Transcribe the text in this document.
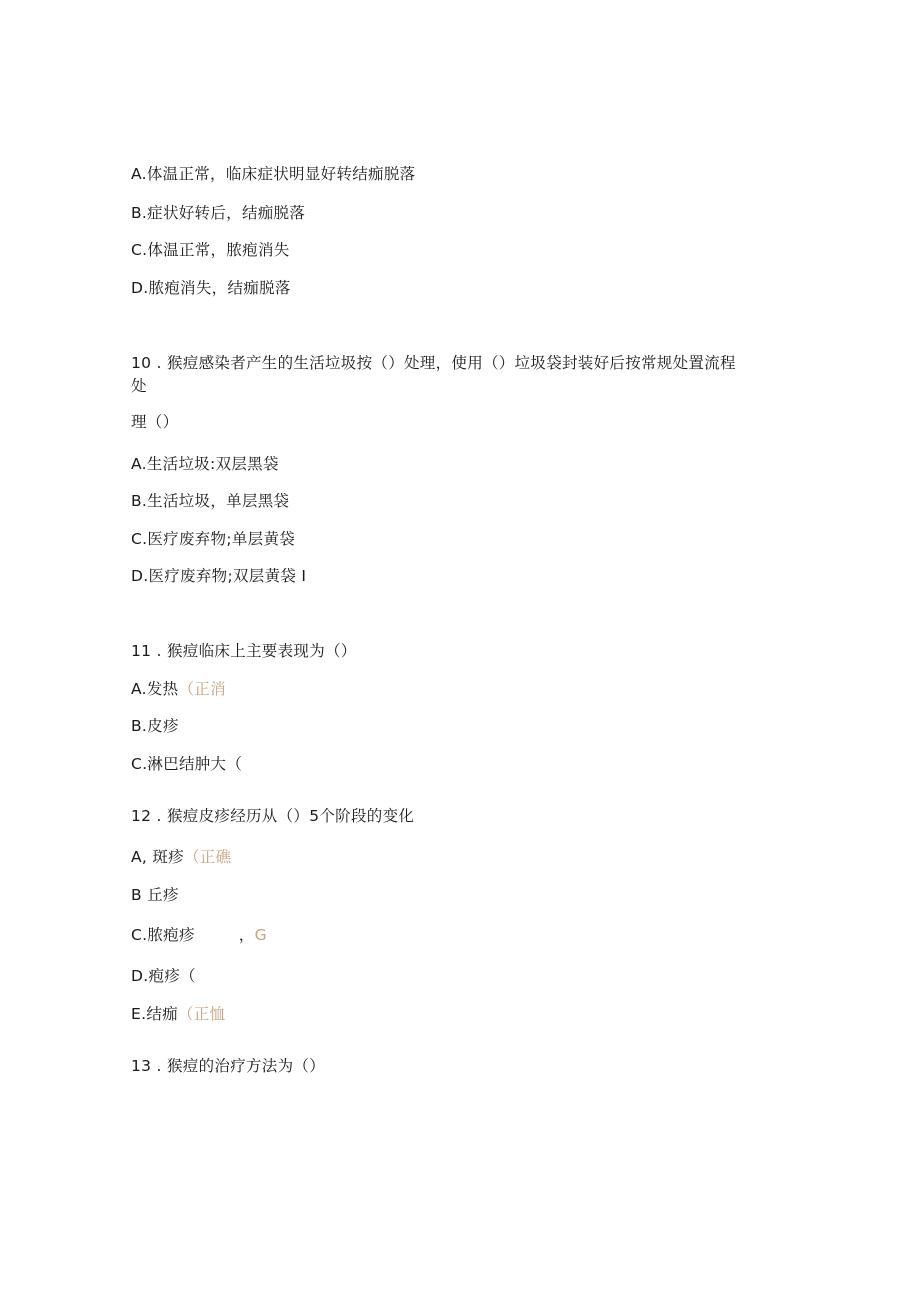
A.体温正常，临床症状明显好转结痂脱落
B.症状好转后，结痂脱落
C.体温正常，脓疱消失
D.脓疱消失，结痂脱落
10 . 猴痘感染者产生的生活垃圾按（）处理，使用（）垃圾袋封装好后按常规处置流程
处
理（）
A.生活垃圾:双层黑袋
B.生活垃圾，单层黑袋
C.医疗废弃物;单层黄袋
D.医疗废弃物;双层黄袋 I
11 . 猴痘临床上主要表现为（）
A.发热（正消
B.皮疹
C.淋巴结肿大（
12 . 猴痘皮疹经历从（）5个阶段的变化
A, 斑疹（正礁
B 丘疹
C.脓疱疹	，G
D.疱疹（
E.结痂（正恤
13 . 猴痘的治疗方法为（）
